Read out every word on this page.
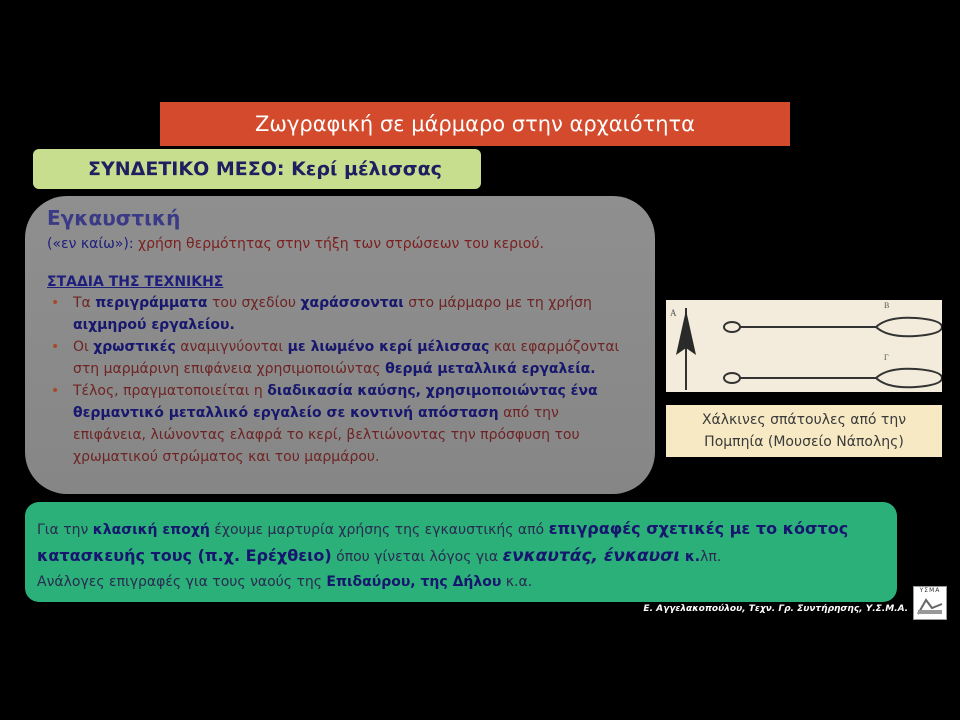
Ζωγραφική σε μάρμαρο στην αρχαιότητα
ΣΥΝΔΕΤΙΚΟ ΜΕΣΟ: Κερί μέλισσας
Εγκαυστική
(«εν καίω»): χρήση θερμότητας στην τήξη των στρώσεων του κεριού.
ΣΤΑΔΙΑ ΤΗΣ ΤΕΧΝΙΚΗΣ
• Τα περιγράμματα του σχεδίου χαράσσονται στο μάρμαρο με τη χρήση αιχμηρού εργαλείου.
• Οι χρωστικές αναμιγνύονται με λιωμένο κερί μέλισσας και εφαρμόζονται στη μαρμάρινη επιφάνεια χρησιμοποιώντας θερμά μεταλλικά εργαλεία.
• Τέλος, πραγματοποιείται η διαδικασία καύσης, χρησιμοποιώντας ένα θερμαντικό μεταλλικό εργαλείο σε κοντινή απόσταση από την επιφάνεια, λιώνοντας ελαφρά το κερί, βελτιώνοντας την πρόσφυση του χρωματικού στρώματος και του μαρμάρου.
A
B
Γ
Χάλκινες σπάτουλες από την Πομπηία (Μουσείο Νάπολης)
Για την κλασική εποχή έχουμε μαρτυρία χρήσης της εγκαυστικής από επιγραφές σχετικές με το κόστος κατασκευής τους (π.χ. Ερέχθειο) όπου γίνεται λόγος για ενκαυτάς, ένκαυσι κ.λπ.
Ανάλογες επιγραφές για τους ναούς της Επιδαύρου, της Δήλου κ.α.
Ε. Αγγελακοπούλου, Τεχν. Γρ. Συντήρησης, Υ.Σ.Μ.Α.
ΥΣΜΑ
